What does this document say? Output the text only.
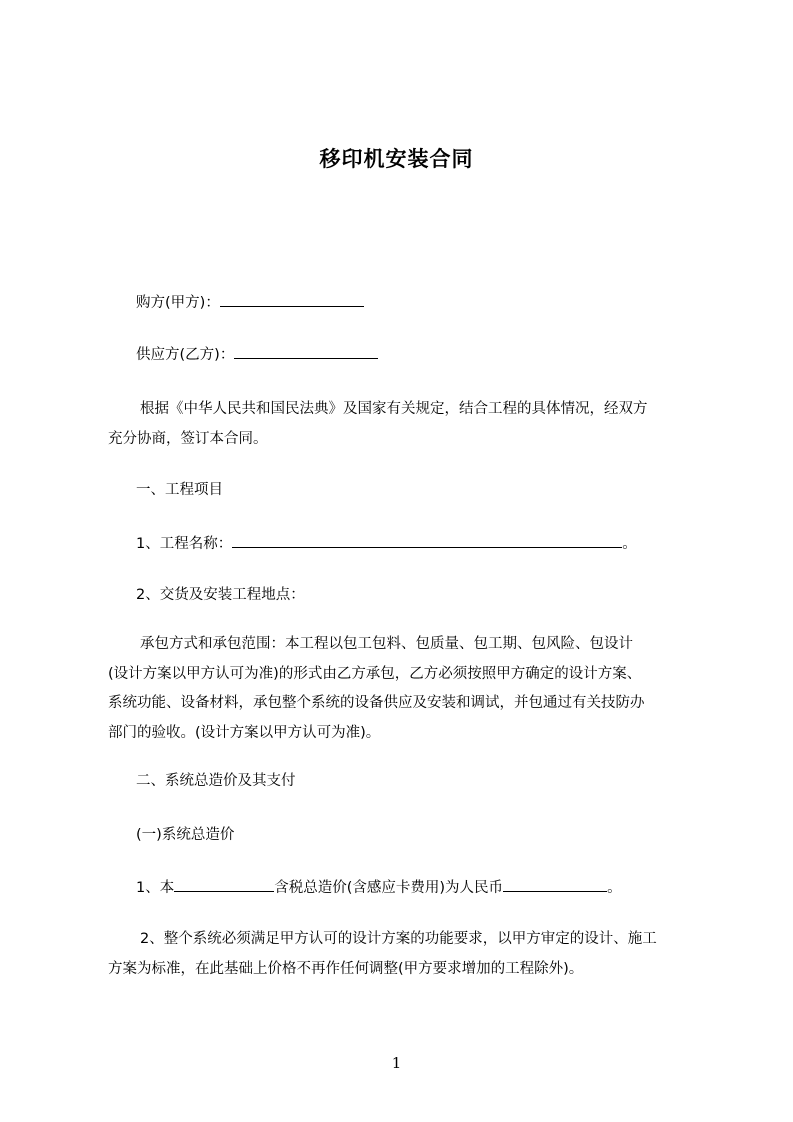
移印机安装合同
购方(甲方)：
供应方(乙方)：
根据《中华人民共和国民法典》及国家有关规定，结合工程的具体情况，经双方
充分协商，签订本合同。
一、工程项目
1、工程名称：	。
2、交货及安装工程地点：
承包方式和承包范围：本工程以包工包料、包质量、包工期、包风险、包设计
(设计方案以甲方认可为准)的形式由乙方承包，乙方必须按照甲方确定的设计方案、
系统功能、设备材料，承包整个系统的设备供应及安装和调试，并包通过有关技防办
部门的验收。(设计方案以甲方认可为准)。
二、系统总造价及其支付
(一)系统总造价
1、本	含税总造价(含感应卡费用)为人民币	。
2、整个系统必须满足甲方认可的设计方案的功能要求，以甲方审定的设计、施工
方案为标准，在此基础上价格不再作任何调整(甲方要求增加的工程除外)。
1
